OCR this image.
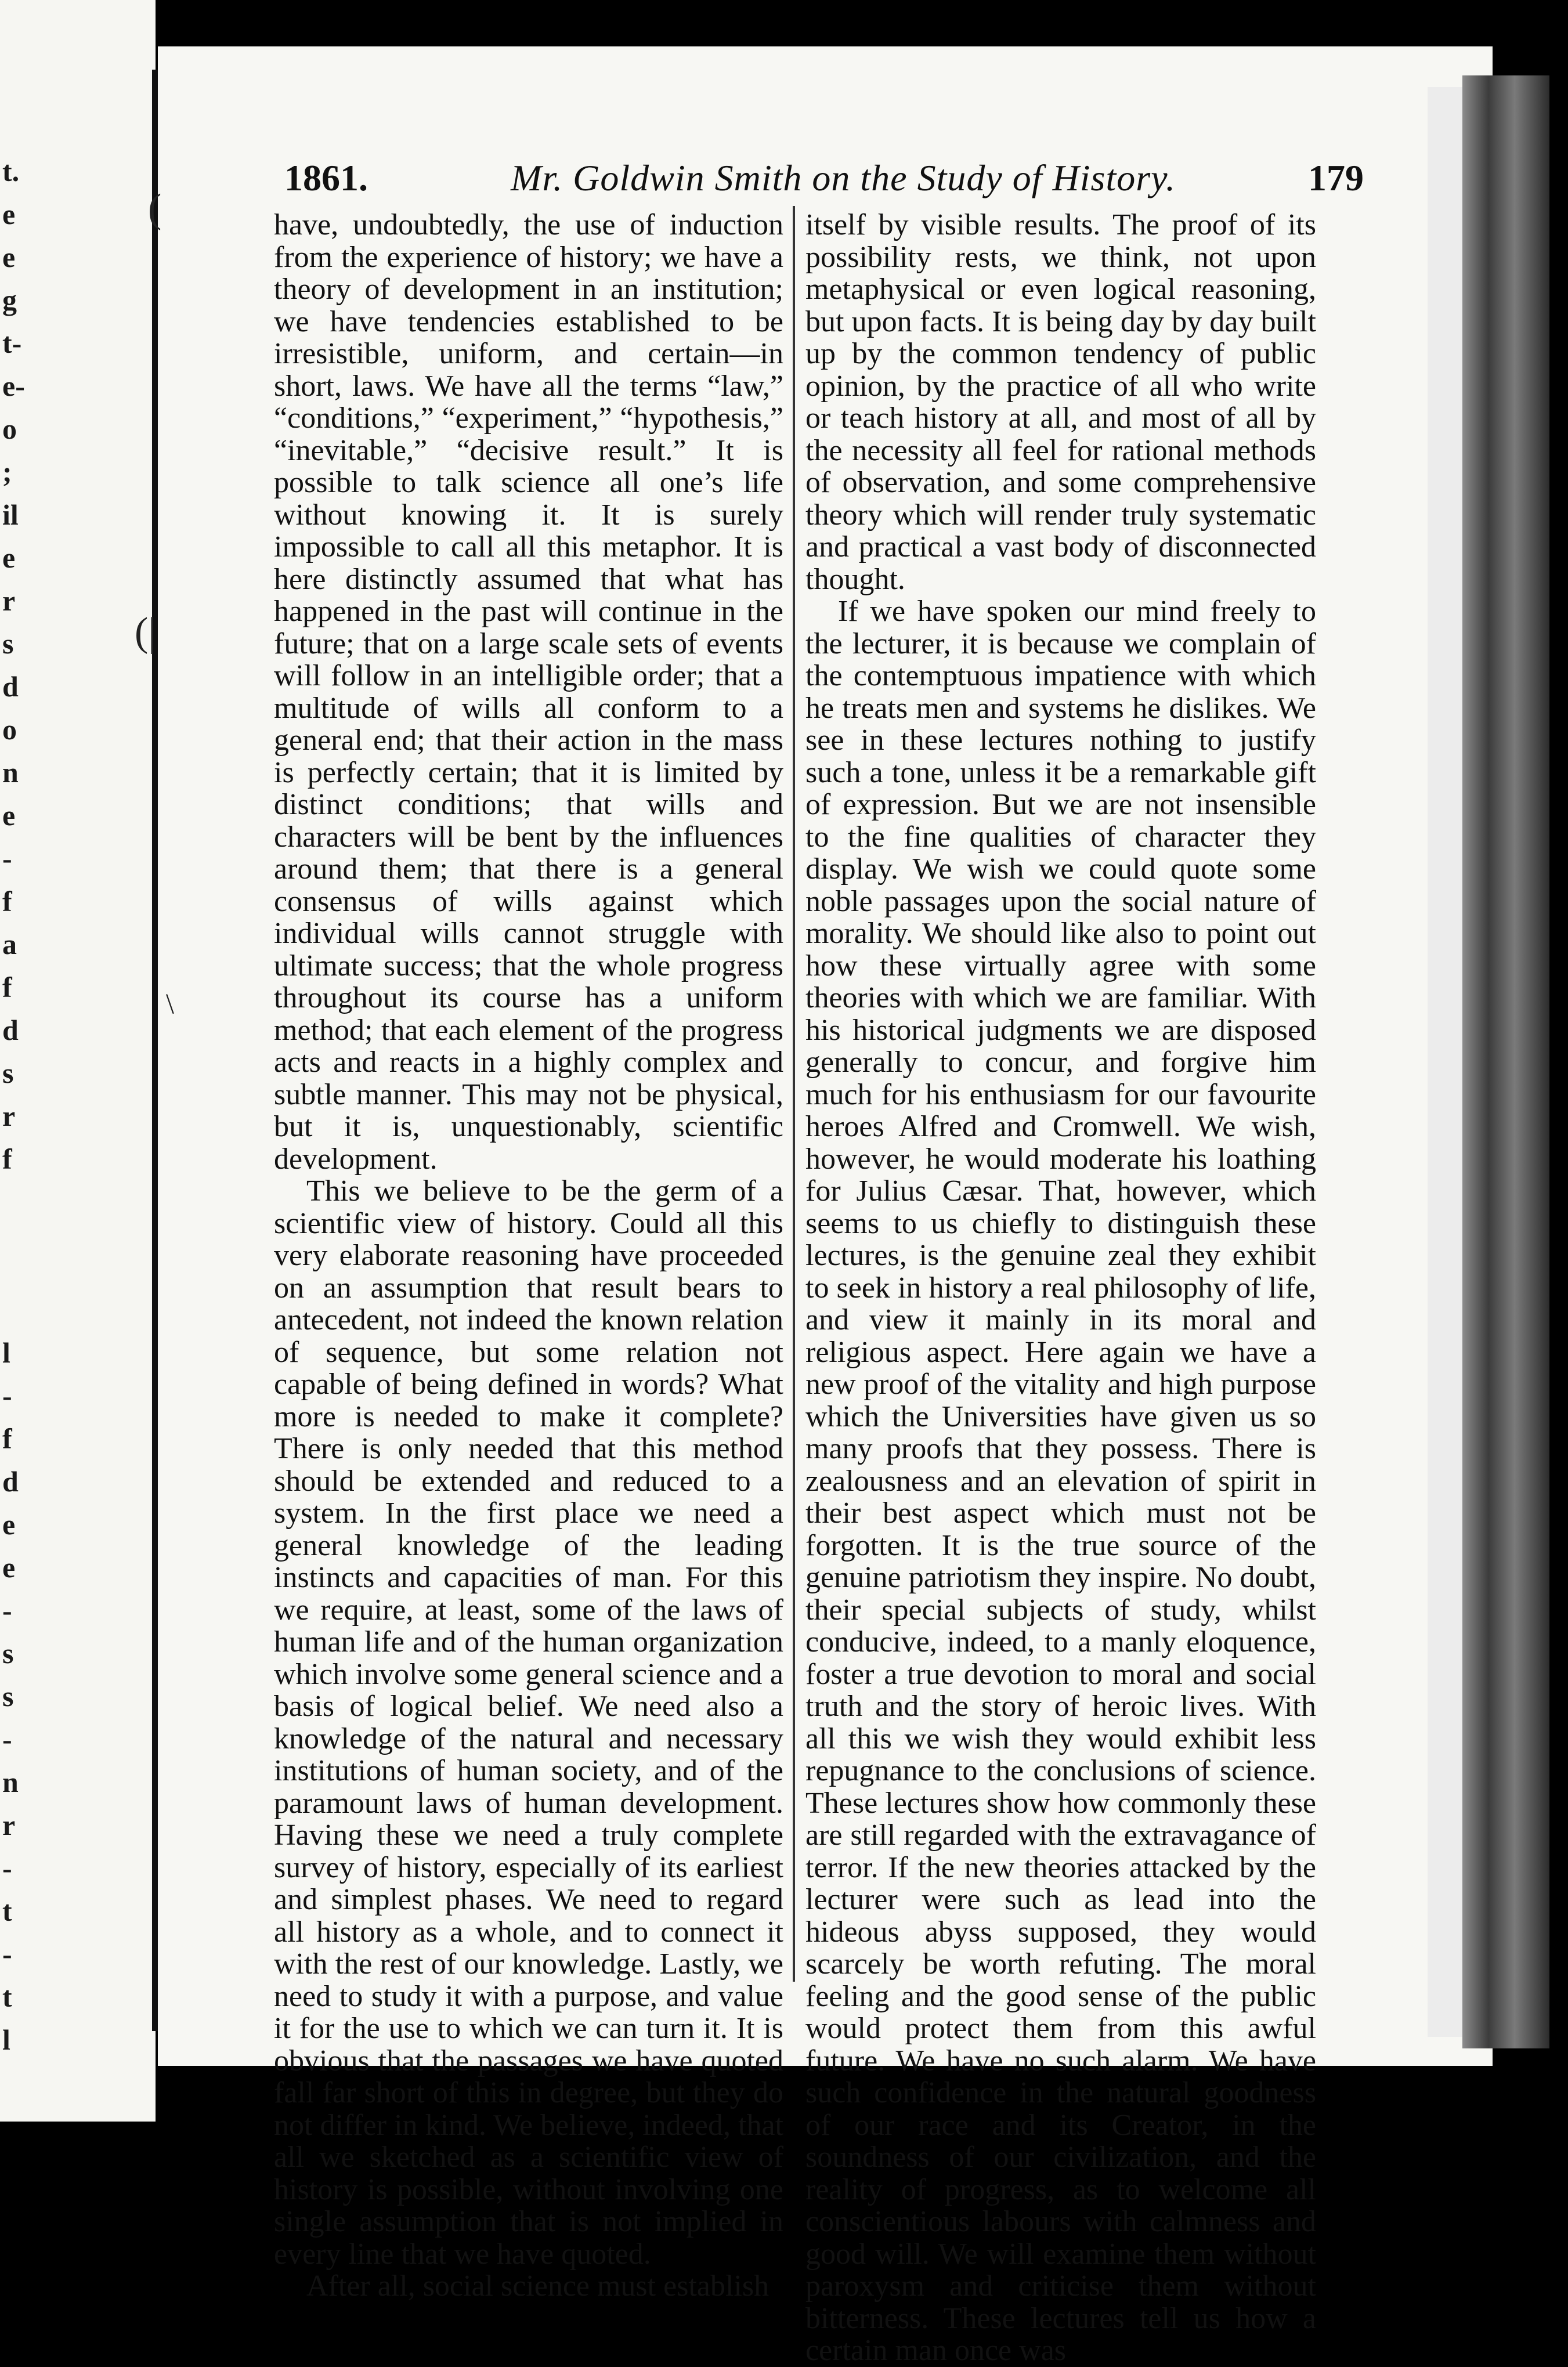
t.
e
e
g
t-
e-
o
;
il
e
r
s
d
o
n
e
-
f
a
f
d
s
r
f
l
-
f
d
e
e
-
s
s
-
n
r
-
t
-
t
l
1861.	Mr. Goldwin Smith on the Study of History.	179

have, undoubtedly, the use of induction from the experience of history; we have a theory of development in an institution; we have tendencies established to be irresistible, uniform, and certain—in short, laws. We have all the terms “law,” “conditions,” “experiment,” “hypothesis,” “inevitable,” “decisive result.” It is possible to talk science all one’s life without knowing it. It is surely impossible to call all this metaphor. It is here distinctly assumed that what has happened in the past will continue in the future; that on a large scale sets of events will follow in an intelligible order; that a multitude of wills all conform to a general end; that their action in the mass is perfectly certain; that it is limited by distinct conditions; that wills and characters will be bent by the influences around them; that there is a general consensus of wills against which individual wills cannot struggle with ultimate success; that the whole progress throughout its course has a uniform method; that each element of the progress acts and reacts in a highly complex and subtle manner. This may not be physical, but it is, unquestionably, scientific development.

This we believe to be the germ of a scientific view of history. Could all this very elaborate reasoning have proceeded on an assumption that result bears to antecedent, not indeed the known relation of sequence, but some relation not capable of being defined in words? What more is needed to make it complete? There is only needed that this method should be extended and reduced to a system. In the first place we need a general knowledge of the leading instincts and capacities of man. For this we require, at least, some of the laws of human life and of the human organization which involve some general science and a basis of logical belief. We need also a knowledge of the natural and necessary institutions of human society, and of the paramount laws of human development. Having these we need a truly complete survey of history, especially of its earliest and simplest phases. We need to regard all history as a whole, and to connect it with the rest of our knowledge. Lastly, we need to study it with a purpose, and value it for the use to which we can turn it. It is obvious that the passages we have quoted fall far short of this in degree, but they do not differ in kind. We believe, indeed, that all we sketched as a scientific view of history is possible, without involving one single assumption that is not implied in every line that we have quoted.

After all, social science must establish

itself by visible results. The proof of its possibility rests, we think, not upon metaphysical or even logical reasoning, but upon facts. It is being day by day built up by the common tendency of public opinion, by the practice of all who write or teach history at all, and most of all by the necessity all feel for rational methods of observation, and some comprehensive theory which will render truly systematic and practical a vast body of disconnected thought.

If we have spoken our mind freely to the lecturer, it is because we complain of the contemptuous impatience with which he treats men and systems he dislikes. We see in these lectures nothing to justify such a tone, unless it be a remarkable gift of expression. But we are not insensible to the fine qualities of character they display. We wish we could quote some noble passages upon the social nature of morality. We should like also to point out how these virtually agree with some theories with which we are familiar. With his historical judgments we are disposed generally to concur, and forgive him much for his enthusiasm for our favourite heroes Alfred and Cromwell. We wish, however, he would moderate his loathing for Julius Cæsar. That, however, which seems to us chiefly to distinguish these lectures, is the genuine zeal they exhibit to seek in history a real philosophy of life, and view it mainly in its moral and religious aspect. Here again we have a new proof of the vitality and high purpose which the Universities have given us so many proofs that they possess. There is zealousness and an elevation of spirit in their best aspect which must not be forgotten. It is the true source of the genuine patriotism they inspire. No doubt, their special subjects of study, whilst conducive, indeed, to a manly eloquence, foster a true devotion to moral and social truth and the story of heroic lives. With all this we wish they would exhibit less repugnance to the conclusions of science. These lectures show how commonly these are still regarded with the extravagance of terror. If the new theories attacked by the lecturer were such as lead into the hideous abyss supposed, they would scarcely be worth refuting. The moral feeling and the good sense of the public would protect them from this awful future. We have no such alarm. We have such confidence in the natural goodness of our race and its Creator, in the soundness of our civilization, and the reality of progress, as to welcome all conscientious labours with calmness and good will. We will examine them without paroxysm and criticise them without bitterness. These lectures tell us how a certain man once was

(
(|
\
